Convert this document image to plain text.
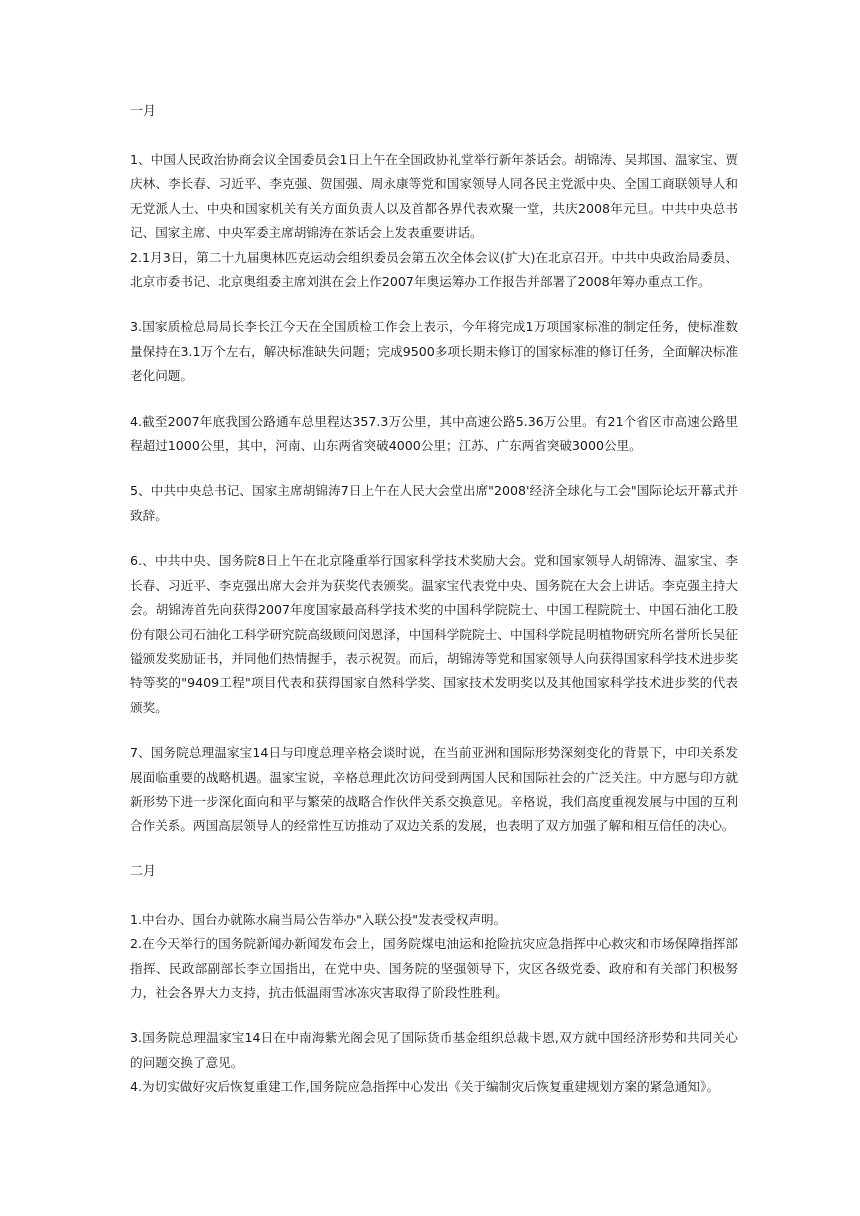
一月

1、中国人民政治协商会议全国委员会1日上午在全国政协礼堂举行新年茶话会。胡锦涛、吴邦国、温家宝、贾庆林、李长春、习近平、李克强、贺国强、周永康等党和国家领导人同各民主党派中央、全国工商联领导人和无党派人士、中央和国家机关有关方面负责人以及首都各界代表欢聚一堂，共庆2008年元旦。中共中央总书记、国家主席、中央军委主席胡锦涛在茶话会上发表重要讲话。

2.1月3日，第二十九届奥林匹克运动会组织委员会第五次全体会议(扩大)在北京召开。中共中央政治局委员、北京市委书记、北京奥组委主席刘淇在会上作2007年奥运筹办工作报告并部署了2008年筹办重点工作。

3.国家质检总局局长李长江今天在全国质检工作会上表示，今年将完成1万项国家标准的制定任务，使标准数量保持在3.1万个左右，解决标准缺失问题；完成9500多项长期未修订的国家标准的修订任务，全面解决标准老化问题。

4.截至2007年底我国公路通车总里程达357.3万公里，其中高速公路5.36万公里。有21个省区市高速公路里程超过1000公里，其中，河南、山东两省突破4000公里；江苏、广东两省突破3000公里。

5、中共中央总书记、国家主席胡锦涛7日上午在人民大会堂出席"2008'经济全球化与工会"国际论坛开幕式并致辞。

6.、中共中央、国务院8日上午在北京隆重举行国家科学技术奖励大会。党和国家领导人胡锦涛、温家宝、李长春、习近平、李克强出席大会并为获奖代表颁奖。温家宝代表党中央、国务院在大会上讲话。李克强主持大会。胡锦涛首先向获得2007年度国家最高科学技术奖的中国科学院院士、中国工程院院士、中国石油化工股份有限公司石油化工科学研究院高级顾问闵恩泽，中国科学院院士、中国科学院昆明植物研究所名誉所长吴征镒颁发奖励证书，并同他们热情握手，表示祝贺。而后，胡锦涛等党和国家领导人向获得国家科学技术进步奖特等奖的"9409工程"项目代表和获得国家自然科学奖、国家技术发明奖以及其他国家科学技术进步奖的代表颁奖。

7、国务院总理温家宝14日与印度总理辛格会谈时说，在当前亚洲和国际形势深刻变化的背景下，中印关系发展面临重要的战略机遇。温家宝说，辛格总理此次访问受到两国人民和国际社会的广泛关注。中方愿与印方就新形势下进一步深化面向和平与繁荣的战略合作伙伴关系交换意见。辛格说，我们高度重视发展与中国的互利合作关系。两国高层领导人的经常性互访推动了双边关系的发展，也表明了双方加强了解和相互信任的决心。

二月

1.中台办、国台办就陈水扁当局公告举办"入联公投"发表受权声明。

2.在今天举行的国务院新闻办新闻发布会上，国务院煤电油运和抢险抗灾应急指挥中心救灾和市场保障指挥部指挥、民政部副部长李立国指出，在党中央、国务院的坚强领导下，灾区各级党委、政府和有关部门积极努力，社会各界大力支持，抗击低温雨雪冰冻灾害取得了阶段性胜利。

3.国务院总理温家宝14日在中南海紫光阁会见了国际货币基金组织总裁卡恩,双方就中国经济形势和共同关心的问题交换了意见。

4.为切实做好灾后恢复重建工作,国务院应急指挥中心发出《关于编制灾后恢复重建规划方案的紧急通知》。
